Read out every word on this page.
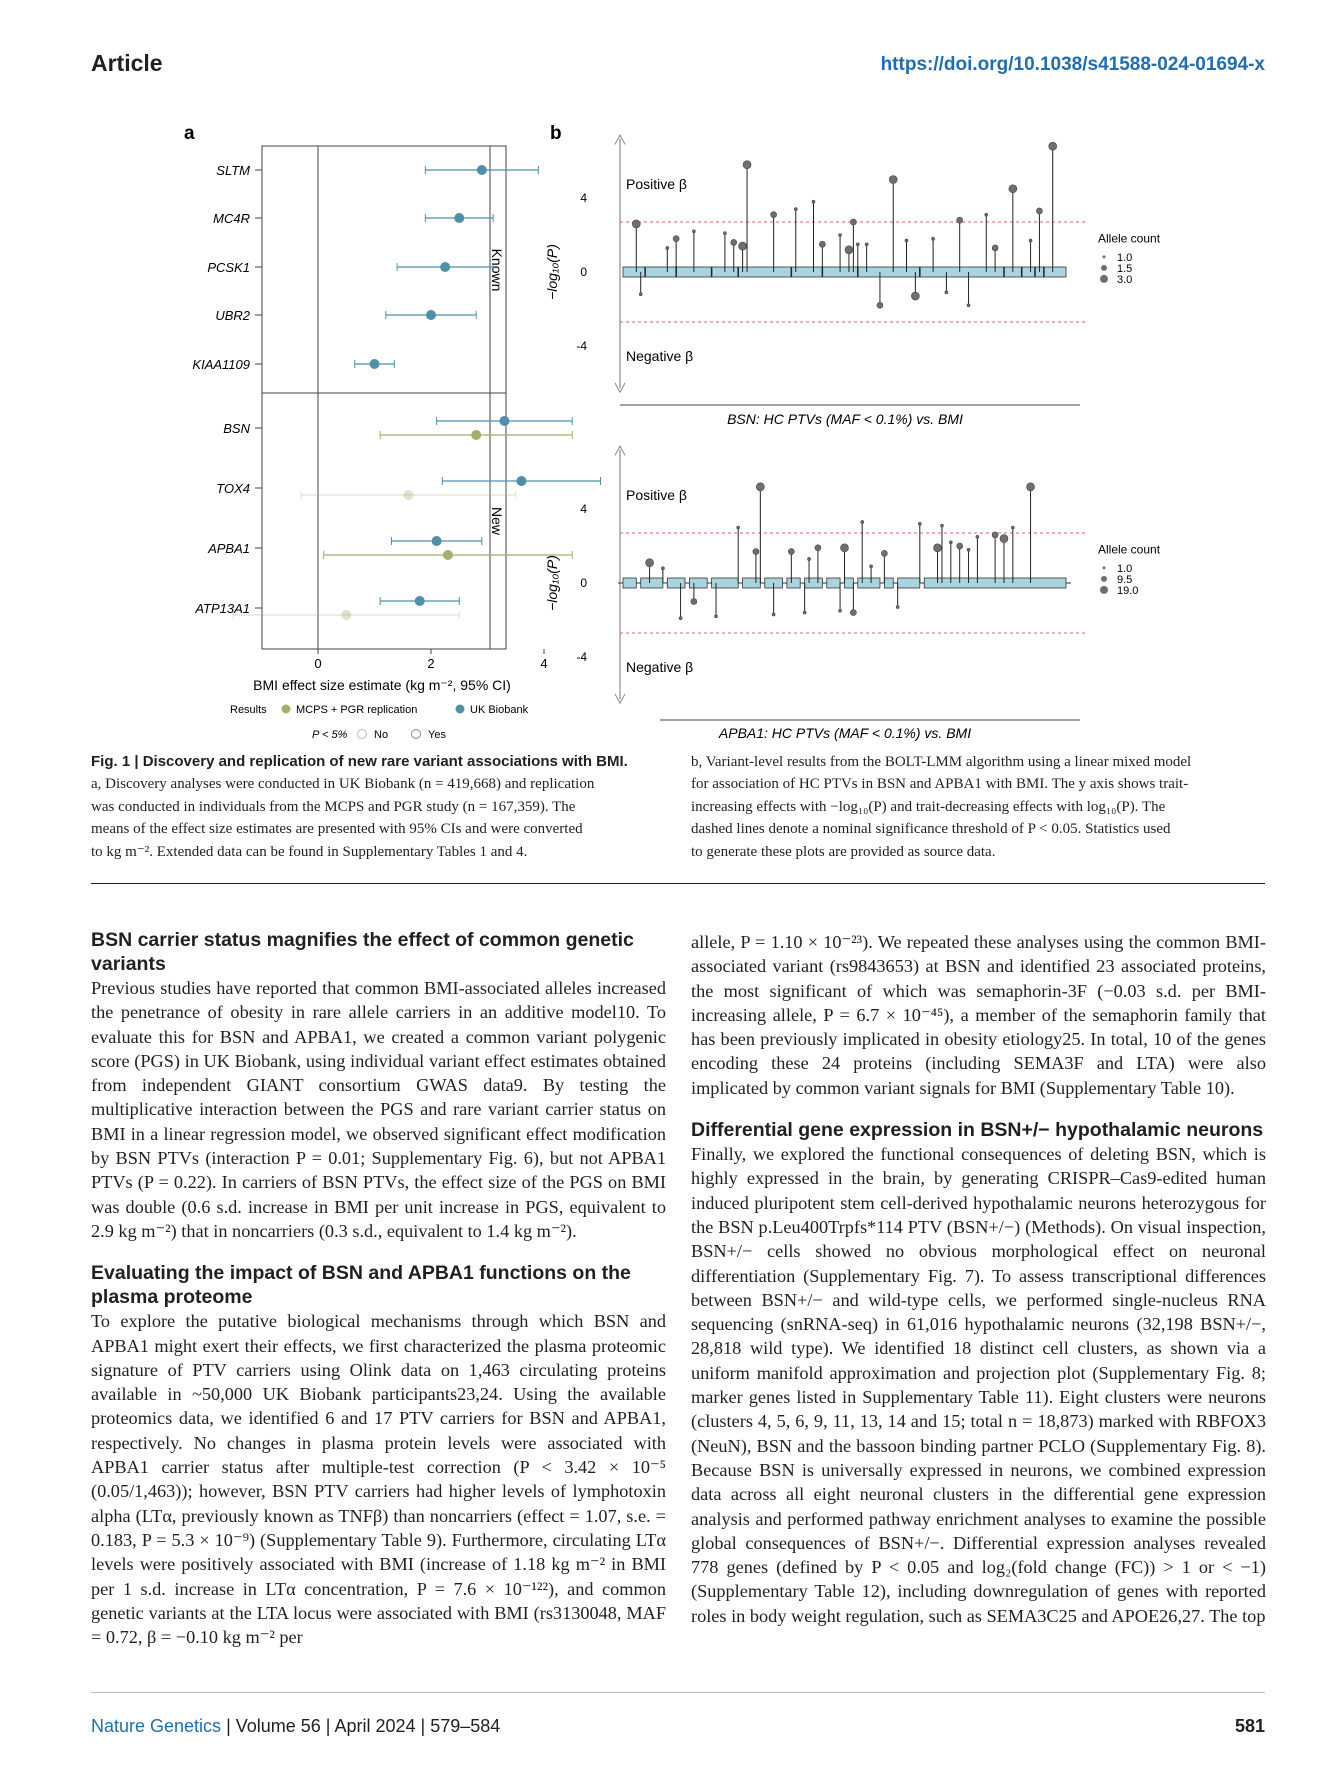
Article	https://doi.org/10.1038/s41588-024-01694-x
a
Known
New
0	2	4
SLTM
MC4R
PCSK1
UBR2
KIAA1109
BSN
TOX4
APBA1
ATP13A1
BMI effect size estimate (kg m⁻², 95% CI)
Results	MCPS + PGR replication	UK Biobank
P < 5% No	Yes
b
−log₁₀(P)
−log₁₀(P)
-4
0
4
Positive β
Negative β
Allele count
1.0
1.5
3.0
-4
0
4
Positive β
Negative β
Allele count
1.0
9.5
19.0
BSN: HC PTVs (MAF < 0.1%) vs. BMI
APBA1: HC PTVs (MAF < 0.1%) vs. BMI
Fig. 1 | Discovery and replication of new rare variant associations with BMI.
a, Discovery analyses were conducted in UK Biobank (n = 419,668) and replication
was conducted in individuals from the MCPS and PGR study (n = 167,359). The
means of the effect size estimates are presented with 95% CIs and were converted
to kg m⁻². Extended data can be found in Supplementary Tables 1 and 4.
b, Variant-level results from the BOLT-LMM algorithm using a linear mixed model
for association of HC PTVs in BSN and APBA1 with BMI. The y axis shows trait-
increasing effects with −log₁₀(P) and trait-decreasing effects with log₁₀(P). The
dashed lines denote a nominal significance threshold of P < 0.05. Statistics used
to generate these plots are provided as source data.
BSN carrier status magnifies the effect of common genetic variants

Previous studies have reported that common BMI-associated alleles increased the penetrance of obesity in rare allele carriers in an additive model10. To evaluate this for BSN and APBA1, we created a common variant polygenic score (PGS) in UK Biobank, using individual variant effect estimates obtained from independent GIANT consortium GWAS data9. By testing the multiplicative interaction between the PGS and rare variant carrier status on BMI in a linear regression model, we observed significant effect modification by BSN PTVs (interaction P = 0.01; Supplementary Fig. 6), but not APBA1 PTVs (P = 0.22). In carriers of BSN PTVs, the effect size of the PGS on BMI was double (0.6 s.d. increase in BMI per unit increase in PGS, equivalent to 2.9 kg m⁻²) that in noncarriers (0.3 s.d., equivalent to 1.4 kg m⁻²).

Evaluating the impact of BSN and APBA1 functions on the plasma proteome

To explore the putative biological mechanisms through which BSN and APBA1 might exert their effects, we first characterized the plasma proteomic signature of PTV carriers using Olink data on 1,463 circulating proteins available in ~50,000 UK Biobank participants23,24. Using the available proteomics data, we identified 6 and 17 PTV carriers for BSN and APBA1, respectively. No changes in plasma protein levels were associated with APBA1 carrier status after multiple-test correction (P < 3.42 × 10⁻⁵ (0.05/1,463)); however, BSN PTV carriers had higher levels of lymphotoxin alpha (LTα, previously known as TNFβ) than noncarriers (effect = 1.07, s.e. = 0.183, P = 5.3 × 10⁻⁹) (Supplementary Table 9). Furthermore, circulating LTα levels were positively associated with BMI (increase of 1.18 kg m⁻² in BMI per 1 s.d. increase in LTα concentration, P = 7.6 × 10⁻¹²²), and common genetic variants at the LTA locus were associated with BMI (rs3130048, MAF = 0.72, β = −0.10 kg m⁻² per

allele, P = 1.10 × 10⁻²³). We repeated these analyses using the common BMI-associated variant (rs9843653) at BSN and identified 23 associated proteins, the most significant of which was semaphorin-3F (−0.03 s.d. per BMI-increasing allele, P = 6.7 × 10⁻⁴⁵), a member of the semaphorin family that has been previously implicated in obesity etiology25. In total, 10 of the genes encoding these 24 proteins (including SEMA3F and LTA) were also implicated by common variant signals for BMI (Supplementary Table 10).

Differential gene expression in BSN+/− hypothalamic neurons

Finally, we explored the functional consequences of deleting BSN, which is highly expressed in the brain, by generating CRISPR–Cas9-edited human induced pluripotent stem cell-derived hypothalamic neurons heterozygous for the BSN p.Leu400Trpfs*114 PTV (BSN+/−) (Methods). On visual inspection, BSN+/− cells showed no obvious morphological effect on neuronal differentiation (Supplementary Fig. 7). To assess transcriptional differences between BSN+/− and wild-type cells, we performed single-nucleus RNA sequencing (snRNA-seq) in 61,016 hypothalamic neurons (32,198 BSN+/−, 28,818 wild type). We identified 18 distinct cell clusters, as shown via a uniform manifold approximation and projection plot (Supplementary Fig. 8; marker genes listed in Supplementary Table 11). Eight clusters were neurons (clusters 4, 5, 6, 9, 11, 13, 14 and 15; total n = 18,873) marked with RBFOX3 (NeuN), BSN and the bassoon binding partner PCLO (Supplementary Fig. 8). Because BSN is universally expressed in neurons, we combined expression data across all eight neuronal clusters in the differential gene expression analysis and performed pathway enrichment analyses to examine the possible global consequences of BSN+/−. Differential expression analyses revealed 778 genes (defined by P < 0.05 and log₂(fold change (FC)) > 1 or < −1) (Supplementary Table 12), including downregulation of genes with reported roles in body weight regulation, such as SEMA3C25 and APOE26,27. The top

Nature Genetics | Volume 56 | April 2024 | 579–584	581
